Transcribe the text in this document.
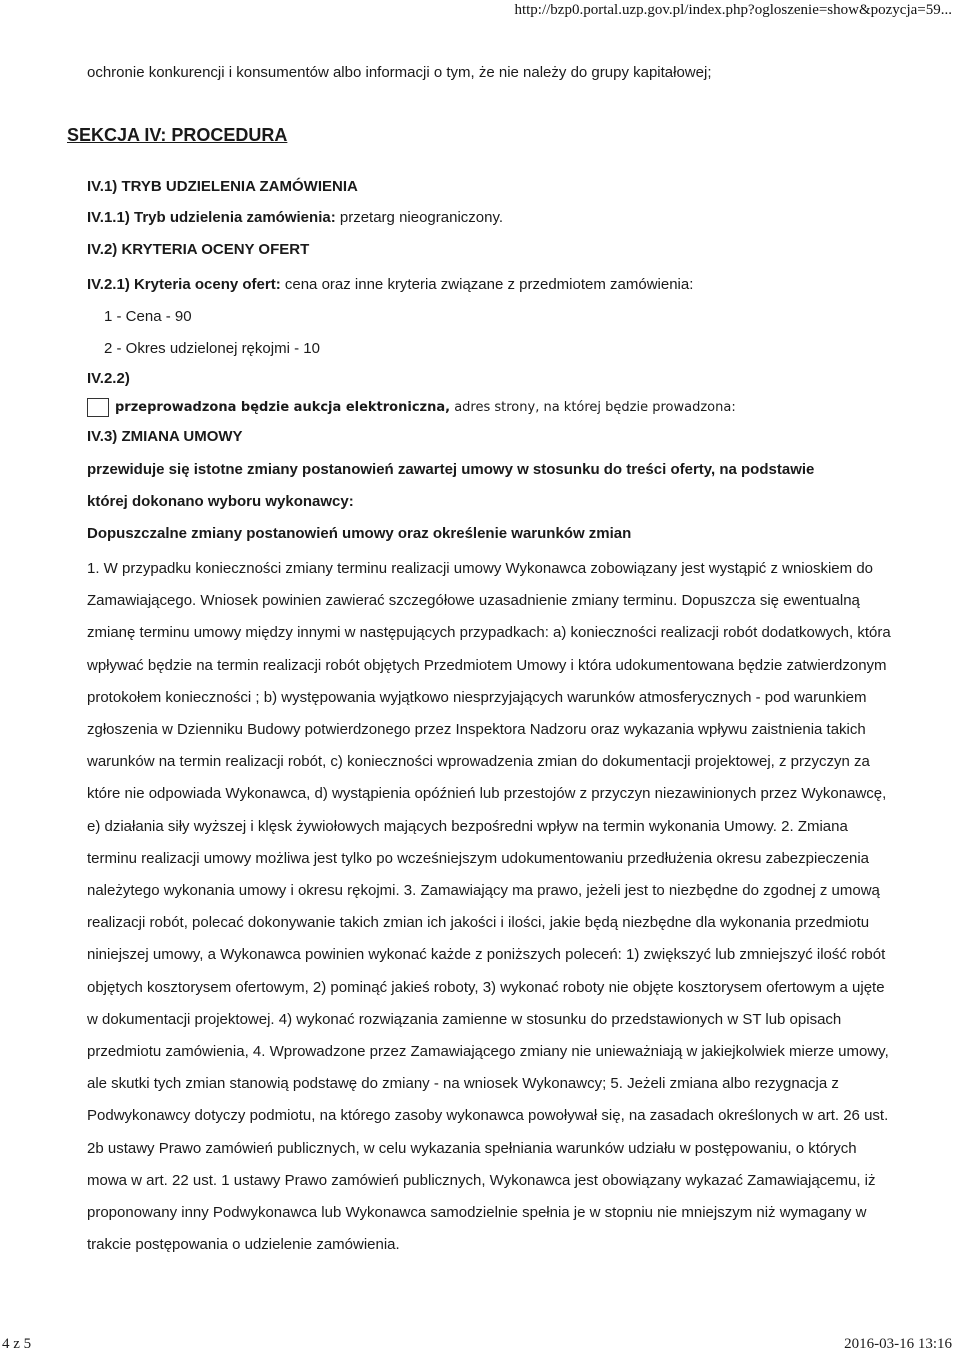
http://bzp0.portal.uzp.gov.pl/index.php?ogloszenie=show&pozycja=59...

ochronie konkurencji i konsumentów albo informacji o tym, że nie należy do grupy kapitałowej;

SEKCJA IV: PROCEDURA

IV.1) TRYB UDZIELENIA ZAMÓWIENIA

IV.1.1) Tryb udzielenia zamówienia: przetarg nieograniczony.

IV.2) KRYTERIA OCENY OFERT

IV.2.1) Kryteria oceny ofert: cena oraz inne kryteria związane z przedmiotem zamówienia:

1 - Cena - 90

2 - Okres udzielonej rękojmi - 10

IV.2.2)

przeprowadzona będzie aukcja elektroniczna, adres strony, na której będzie prowadzona:

IV.3) ZMIANA UMOWY

przewiduje się istotne zmiany postanowień zawartej umowy w stosunku do treści oferty, na podstawie

której dokonano wyboru wykonawcy:

Dopuszczalne zmiany postanowień umowy oraz określenie warunków zmian

1. W przypadku konieczności zmiany terminu realizacji umowy Wykonawca zobowiązany jest wystąpić z wnioskiem do Zamawiającego. Wniosek powinien zawierać szczegółowe uzasadnienie zmiany terminu. Dopuszcza się ewentualną zmianę terminu umowy między innymi w następujących przypadkach: a) konieczności realizacji robót dodatkowych, która wpływać będzie na termin realizacji robót objętych Przedmiotem Umowy i która udokumentowana będzie zatwierdzonym protokołem konieczności ; b) występowania wyjątkowo niesprzyjających warunków atmosferycznych - pod warunkiem zgłoszenia w Dzienniku Budowy potwierdzonego przez Inspektora Nadzoru oraz wykazania wpływu zaistnienia takich warunków na termin realizacji robót, c) konieczności wprowadzenia zmian do dokumentacji projektowej, z przyczyn za które nie odpowiada Wykonawca, d) wystąpienia opóźnień lub przestojów z przyczyn niezawinionych przez Wykonawcę, e) działania siły wyższej i klęsk żywiołowych mających bezpośredni wpływ na termin wykonania Umowy. 2. Zmiana terminu realizacji umowy możliwa jest tylko po wcześniejszym udokumentowaniu przedłużenia okresu zabezpieczenia należytego wykonania umowy i okresu rękojmi. 3. Zamawiający ma prawo, jeżeli jest to niezbędne do zgodnej z umową realizacji robót, polecać dokonywanie takich zmian ich jakości i ilości, jakie będą niezbędne dla wykonania przedmiotu niniejszej umowy, a Wykonawca powinien wykonać każde z poniższych poleceń: 1) zwiększyć lub zmniejszyć ilość robót objętych kosztorysem ofertowym, 2) pominąć jakieś roboty, 3) wykonać roboty nie objęte kosztorysem ofertowym a ujęte w dokumentacji projektowej. 4) wykonać rozwiązania zamienne w stosunku do przedstawionych w ST lub opisach przedmiotu zamówienia, 4. Wprowadzone przez Zamawiającego zmiany nie unieważniają w jakiejkolwiek mierze umowy, ale skutki tych zmian stanowią podstawę do zmiany - na wniosek Wykonawcy; 5. Jeżeli zmiana albo rezygnacja z Podwykonawcy dotyczy podmiotu, na którego zasoby wykonawca powoływał się, na zasadach określonych w art. 26 ust. 2b ustawy Prawo zamówień publicznych, w celu wykazania spełniania warunków udziału w postępowaniu, o których mowa w art. 22 ust. 1 ustawy Prawo zamówień publicznych, Wykonawca jest obowiązany wykazać Zamawiającemu, iż proponowany inny Podwykonawca lub Wykonawca samodzielnie spełnia je w stopniu nie mniejszym niż wymagany w trakcie postępowania o udzielenie zamówienia.

4 z 5	2016-03-16 13:16
